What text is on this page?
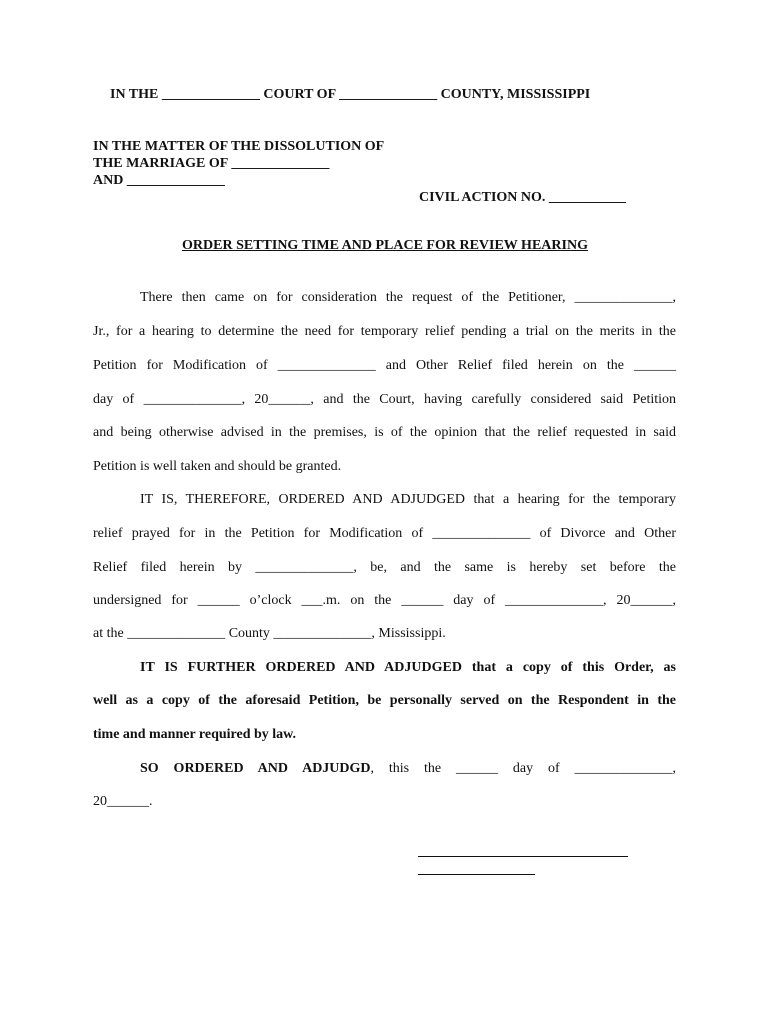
IN THE ______________ COURT OF ______________ COUNTY, MISSISSIPPI
IN THE MATTER OF THE DISSOLUTION OF
THE MARRIAGE OF ______________
AND ______________
CIVIL ACTION NO. ___________
ORDER SETTING TIME AND PLACE FOR REVIEW HEARING
There then came on for consideration the request of the Petitioner, ______________,
Jr., for a hearing to determine the need for temporary relief pending a trial on the merits in the
Petition for Modification of ______________ and Other Relief filed herein on the ______
day of ______________, 20______, and the Court, having carefully considered said Petition
and being otherwise advised in the premises, is of the opinion that the relief requested in said
Petition is well taken and should be granted.
IT IS, THEREFORE, ORDERED AND ADJUDGED that a hearing for the temporary
relief prayed for in the Petition for Modification of ______________ of Divorce and Other
Relief filed herein by ______________, be, and the same is hereby set before the
undersigned for ______ o’clock ___.m. on the ______ day of ______________, 20______,
at the ______________ County ______________, Mississippi.
IT IS FURTHER ORDERED AND ADJUDGED that a copy of this Order, as
well as a copy of the aforesaid Petition, be personally served on the Respondent in the
time and manner required by law.
SO ORDERED AND ADJUDGD, this the ______ day of ______________,
20______.
